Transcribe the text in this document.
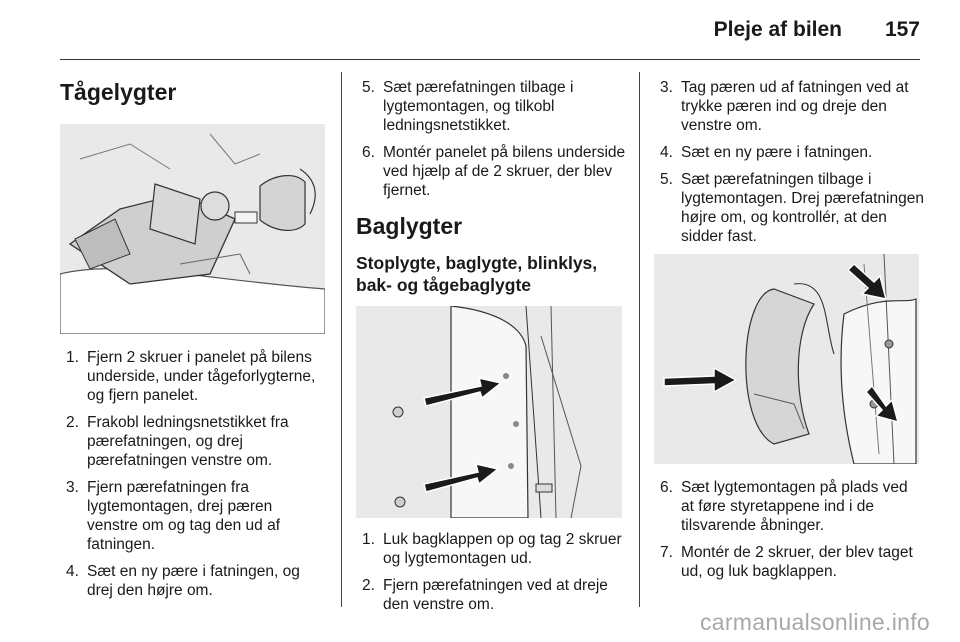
Pleje af bilen 157
Tågelygter
1. Fjern 2 skruer i panelet på bilens underside, under tågeforlygterne, og fjern panelet.
2. Frakobl ledningsnetstikket fra pærefatningen, og drej pærefatningen venstre om.
3. Fjern pærefatningen fra lygtemontagen, drej pæren venstre om og tag den ud af fatningen.
4. Sæt en ny pære i fatningen, og drej den højre om.
5. Sæt pærefatningen tilbage i lygtemontagen, og tilkobl ledningsnetstikket.
6. Montér panelet på bilens underside ved hjælp af de 2 skruer, der blev fjernet.
Baglygter
Stoplygte, baglygte, blinklys, bak- og tågebaglygte
1. Luk bagklappen op og tag 2 skruer og lygtemontagen ud.
2. Fjern pærefatningen ved at dreje den venstre om.
3. Tag pæren ud af fatningen ved at trykke pæren ind og dreje den venstre om.
4. Sæt en ny pære i fatningen.
5. Sæt pærefatningen tilbage i lygtemontagen. Drej pærefatningen højre om, og kontrollér, at den sidder fast.
6. Sæt lygtemontagen på plads ved at føre styretappene ind i de tilsvarende åbninger.
7. Montér de 2 skruer, der blev taget ud, og luk bagklappen.
carmanualsonline.info
